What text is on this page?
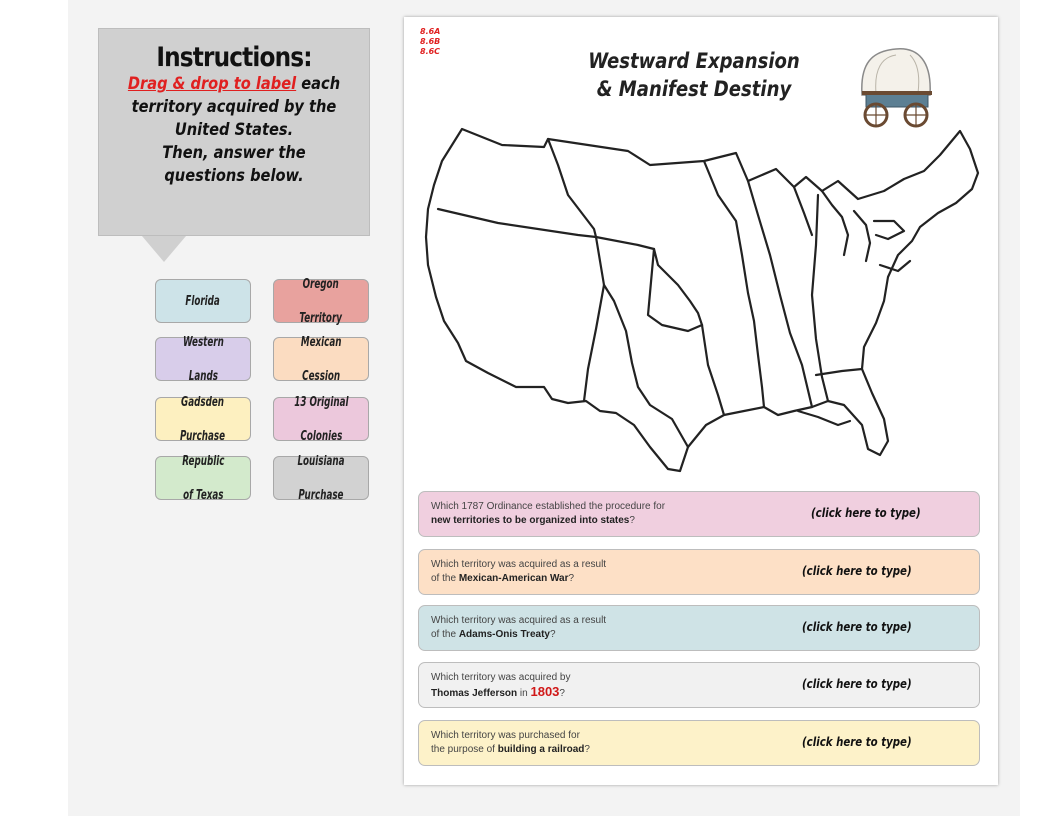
Instructions:
Drag & drop to label each
territory acquired by the
United States.
Then, answer the
questions below.
Florida
Oregon

Territory
Western

Lands
Mexican

Cession
Gadsden

Purchase
13 Original

Colonies
Republic

of Texas
Louisiana

Purchase
8.6A
8.6B
8.6C	Westward Expansion
& Manifest Destiny
Which 1787 Ordinance established the procedure for
new territories to be organized into states?
(click here to type)
Which territory was acquired as a result
of the Mexican-American War?
(click here to type)
Which territory was acquired as a result
of the Adams-Onis Treaty?
(click here to type)
Which territory was acquired by
Thomas Jefferson in 1803?
(click here to type)
Which territory was purchased for
the purpose of building a railroad?
(click here to type)
